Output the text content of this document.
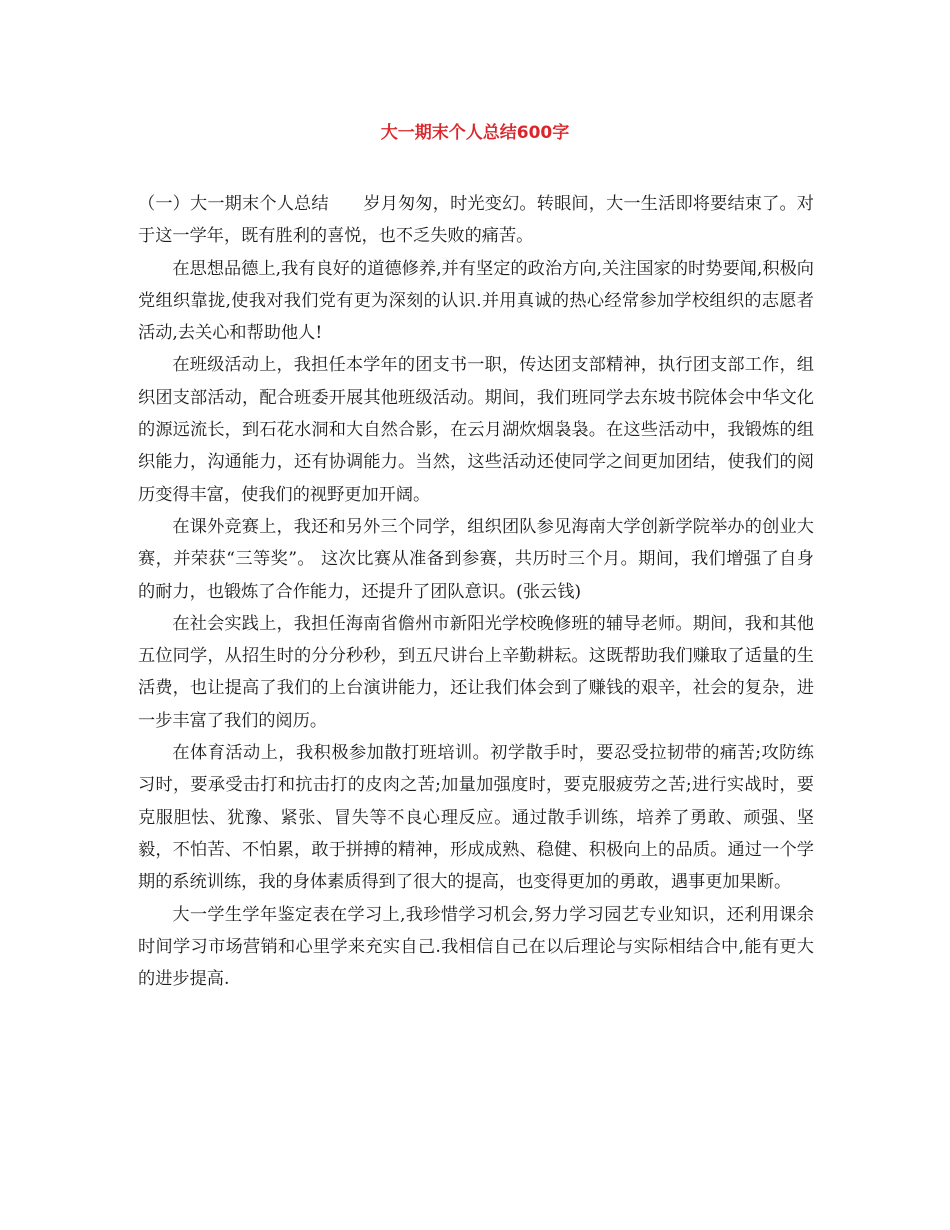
大一期末个人总结600字

（一）大一期末个人总结　　岁月匆匆，时光变幻。转眼间，大一生活即将要结束了。对于这一学年，既有胜利的喜悦，也不乏失败的痛苦。

在思想品德上,我有良好的道德修养,并有坚定的政治方向,关注国家的时势要闻,积极向党组织靠拢,使我对我们党有更为深刻的认识.并用真诚的热心经常参加学校组织的志愿者活动,去关心和帮助他人!

在班级活动上，我担任本学年的团支书一职，传达团支部精神，执行团支部工作，组织团支部活动，配合班委开展其他班级活动。期间，我们班同学去东坡书院体会中华文化的源远流长，到石花水洞和大自然合影，在云月湖炊烟袅袅。在这些活动中，我锻炼的组织能力，沟通能力，还有协调能力。当然，这些活动还使同学之间更加团结，使我们的阅历变得丰富，使我们的视野更加开阔。

在课外竞赛上，我还和另外三个同学，组织团队参见海南大学创新学院举办的创业大赛，并荣获“三等奖”。 这次比赛从准备到参赛，共历时三个月。期间，我们增强了自身的耐力，也锻炼了合作能力，还提升了团队意识。(张云钱)

在社会实践上，我担任海南省儋州市新阳光学校晚修班的辅导老师。期间，我和其他五位同学，从招生时的分分秒秒，到五尺讲台上辛勤耕耘。这既帮助我们赚取了适量的生活费，也让提高了我们的上台演讲能力，还让我们体会到了赚钱的艰辛，社会的复杂，进一步丰富了我们的阅历。

在体育活动上，我积极参加散打班培训。初学散手时，要忍受拉韧带的痛苦;攻防练习时，要承受击打和抗击打的皮肉之苦;加量加强度时，要克服疲劳之苦;进行实战时，要克服胆怯、犹豫、紧张、冒失等不良心理反应。通过散手训练，培养了勇敢、顽强、坚毅，不怕苦、不怕累，敢于拼搏的精神，形成成熟、稳健、积极向上的品质。通过一个学期的系统训练，我的身体素质得到了很大的提高，也变得更加的勇敢，遇事更加果断。

大一学生学年鉴定表在学习上,我珍惜学习机会,努力学习园艺专业知识，还利用课余时间学习市场营销和心里学来充实自己.我相信自己在以后理论与实际相结合中,能有更大的进步提高.
